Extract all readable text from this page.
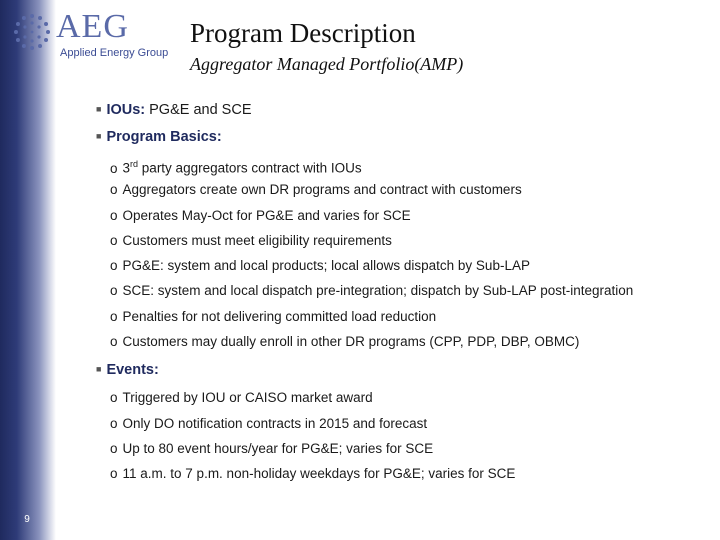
9
AEG
Applied Energy Group
Program Description
Aggregator Managed Portfolio(AMP)
■ IOUs: PG&E and SCE
■ Program Basics:
o 3rd party aggregators contract with IOUs
o Aggregators create own DR programs and contract with customers
o Operates May-Oct for PG&E and varies for SCE
o Customers must meet eligibility requirements
o PG&E: system and local products; local allows dispatch by Sub-LAP
o SCE: system and local dispatch pre-integration; dispatch by Sub-LAP post-integration
o Penalties for not delivering committed load reduction
o Customers may dually enroll in other DR programs (CPP, PDP, DBP, OBMC)
■ Events:
o Triggered by IOU or CAISO market award
o Only DO notification contracts in 2015 and forecast
o Up to 80 event hours/year for PG&E; varies for SCE
o 11 a.m. to 7 p.m. non-holiday weekdays for PG&E; varies for SCE
